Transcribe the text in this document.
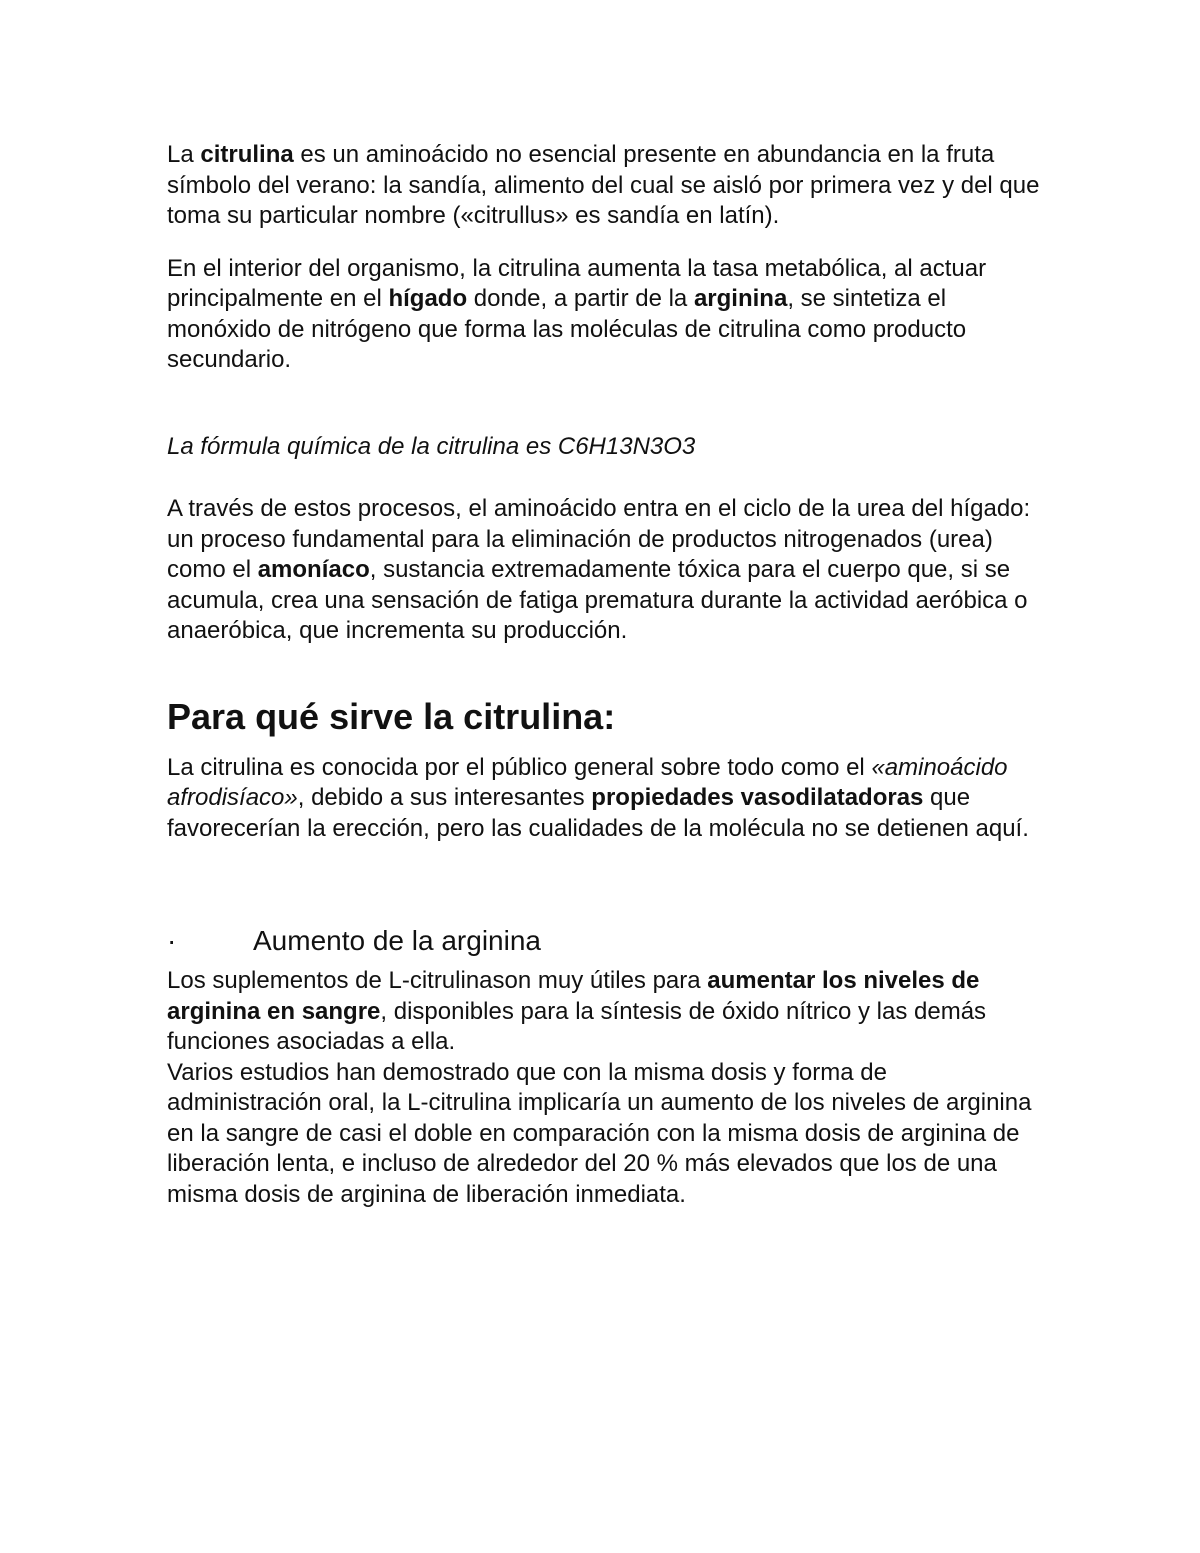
La citrulina es un aminoácido no esencial presente en abundancia en la fruta símbolo del verano: la sandía, alimento del cual se aisló por primera vez y del que toma su particular nombre («citrullus» es sandía en latín).

En el interior del organismo, la citrulina aumenta la tasa metabólica, al actuar principalmente en el hígado donde, a partir de la arginina, se sintetiza el monóxido de nitrógeno que forma las moléculas de citrulina como producto secundario.

La fórmula química de la citrulina es C6H13N3O3

A través de estos procesos, el aminoácido entra en el ciclo de la urea del hígado: un proceso fundamental para la eliminación de productos nitrogenados (urea) como el amoníaco, sustancia extremadamente tóxica para el cuerpo que, si se acumula, crea una sensación de fatiga prematura durante la actividad aeróbica o anaeróbica, que incrementa su producción.

Para qué sirve la citrulina:

La citrulina es conocida por el público general sobre todo como el «aminoácido afrodisíaco», debido a sus interesantes propiedades vasodilatadoras que favorecerían la erección, pero las cualidades de la molécula no se detienen aquí.

·	Aumento de la arginina

Los suplementos de L-citrulinason muy útiles para aumentar los niveles de arginina en sangre, disponibles para la síntesis de óxido nítrico y las demás funciones asociadas a ella.

Varios estudios han demostrado que con la misma dosis y forma de administración oral, la L-citrulina implicaría un aumento de los niveles de arginina en la sangre de casi el doble en comparación con la misma dosis de arginina de liberación lenta, e incluso de alrededor del 20 % más elevados que los de una misma dosis de arginina de liberación inmediata.
